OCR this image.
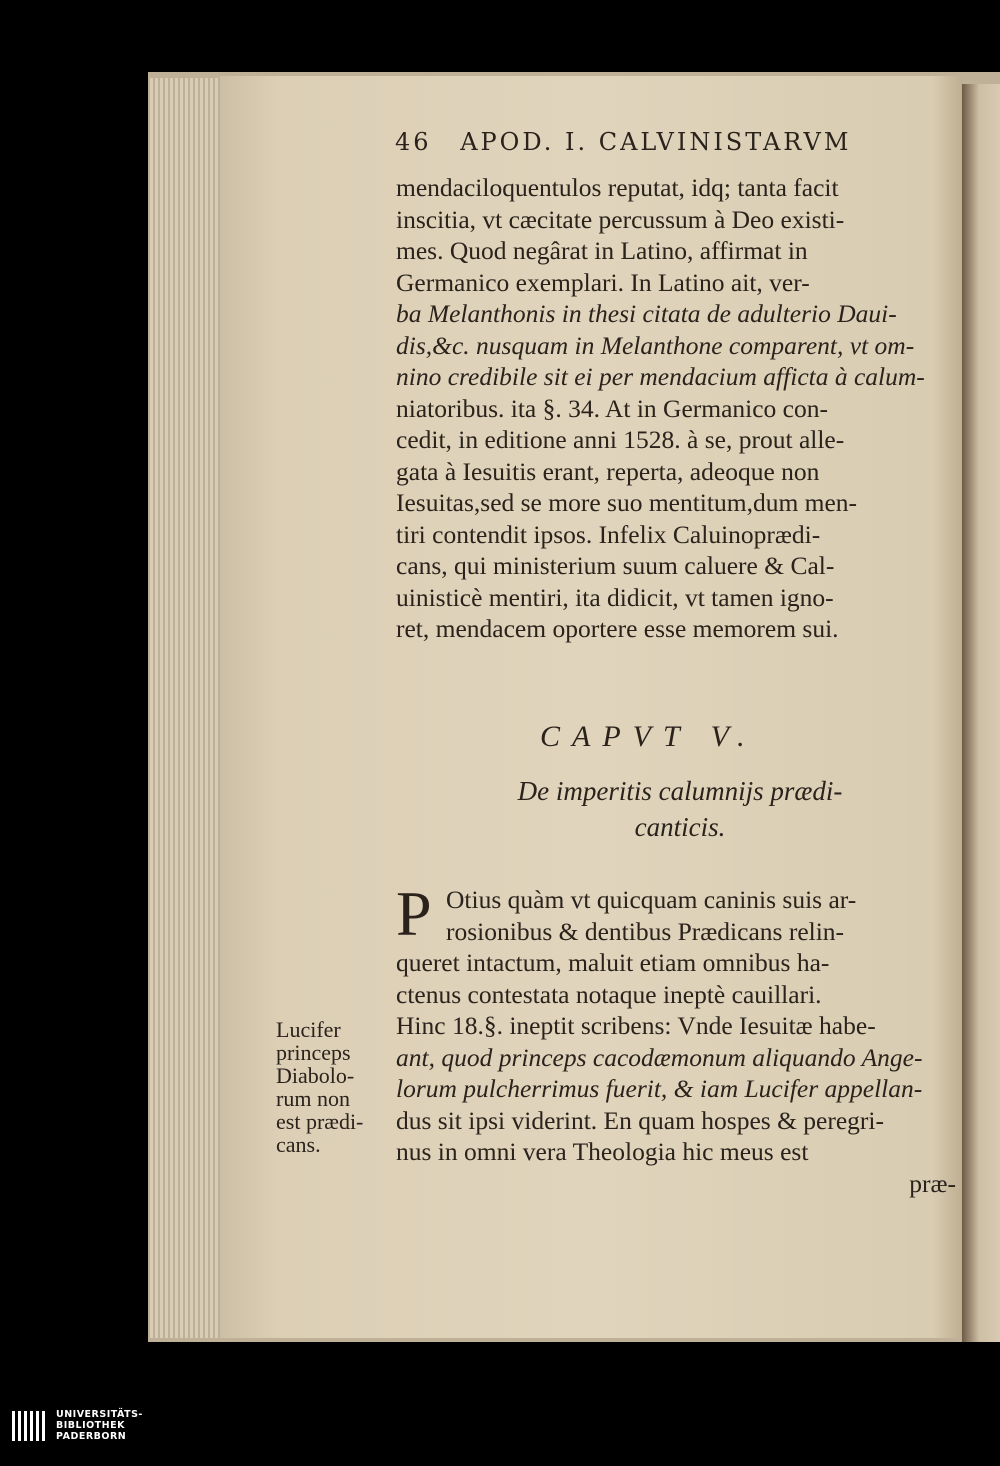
46 APOD. I. CALVINISTARVM
mendaciloquentulos reputat, idq; tanta facit
inscitia, vt cæcitate percussum à Deo existi-
mes. Quod negârat in Latino, affirmat in
Germanico exemplari. In Latino ait, ver-
ba Melanthonis in thesi citata de adulterio Daui-
dis,&c. nusquam in Melanthone comparent, vt om-
nino credibile sit ei per mendacium afficta à calum-
niatoribus. ita §. 34. At in Germanico con-
cedit, in editione anni 1528. à se, prout alle-
gata à Iesuitis erant, reperta, adeoque non
Iesuitas,sed se more suo mentitum,dum men-
tiri contendit ipsos. Infelix Caluinoprædi-
cans, qui ministerium suum caluere & Cal-
uinisticè mentiri, ita didicit, vt tamen igno-
ret, mendacem oportere esse memorem sui.
CAPVT V.
De imperitis calumnijs prædi-
canticis.
P Otius quàm vt quicquam caninis suis ar-
rosionibus & dentibus Prædicans relin-
queret intactum, maluit etiam omnibus ha-
ctenus contestata notaque ineptè cauillari.
Hinc 18.§. ineptit scribens: Vnde Iesuitæ habe-
ant, quod princeps cacodæmonum aliquando Ange-
lorum pulcherrimus fuerit, & iam Lucifer appellan-
dus sit ipsi viderint. En quam hospes & peregri-
nus in omni vera Theologia hic meus est
præ-
Lucifer
princeps
Diabolo-
rum non
est prædi-
cans.
UNIVERSITÄTS-
BIBLIOTHEK
PADERBORN
